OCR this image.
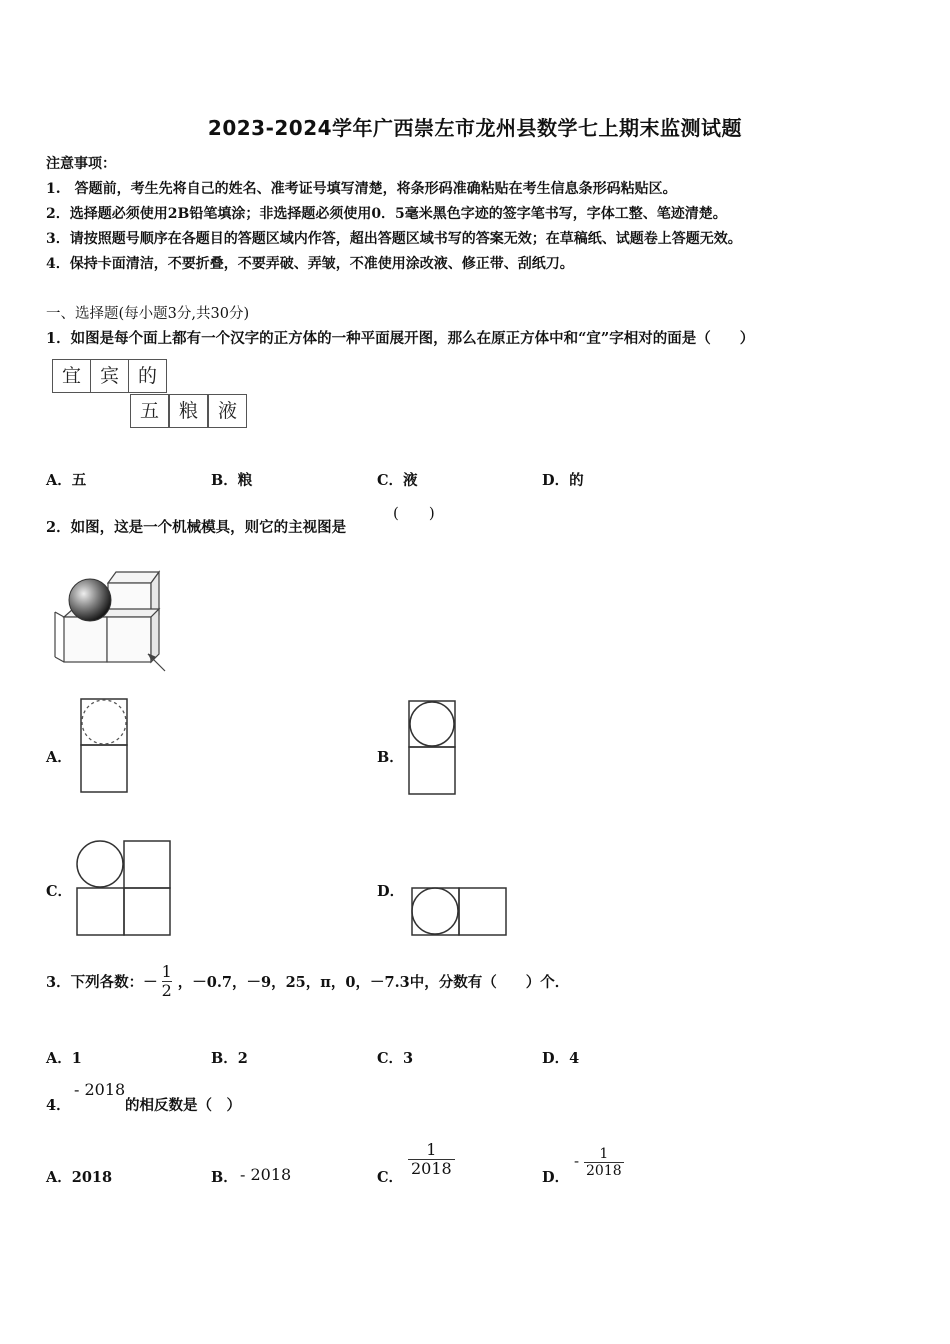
2023-2024学年广西崇左市龙州县数学七上期末监测试题
注意事项：
1.　答题前，考生先将自己的姓名、准考证号填写清楚，将条形码准确粘贴在考生信息条形码粘贴区。
2．选择题必须使用2B铅笔填涂；非选择题必须使用0．5毫米黑色字迹的签字笔书写，字体工整、笔迹清楚。
3．请按照题号顺序在各题目的答题区域内作答，超出答题区域书写的答案无效；在草稿纸、试题卷上答题无效。
4．保持卡面清洁，不要折叠，不要弄破、弄皱，不准使用涂改液、修正带、刮纸刀。
一、选择题(每小题3分,共30分)
1．如图是每个面上都有一个汉字的正方体的一种平面展开图，那么在原正方体中和“宜”字相对的面是（　　）
宜 宾 的
五	粮	液
A．五	B．粮	C．液	D．的
2．如图，这是一个机械模具，则它的主视图是
(　　)
A．	B．
C．	D．
3．下列各数：－ $\frac{1}{2}$ ，－0.7，－9，25，π，0，－7.3中，分数有（　　）个．
A．1	B．2	C．3	D．4
4．
- 2018
的相反数是（　）
A．2018	B． - 2018	C． $\frac{1}{2018}$	D．
- $\frac{1}{2018}$
